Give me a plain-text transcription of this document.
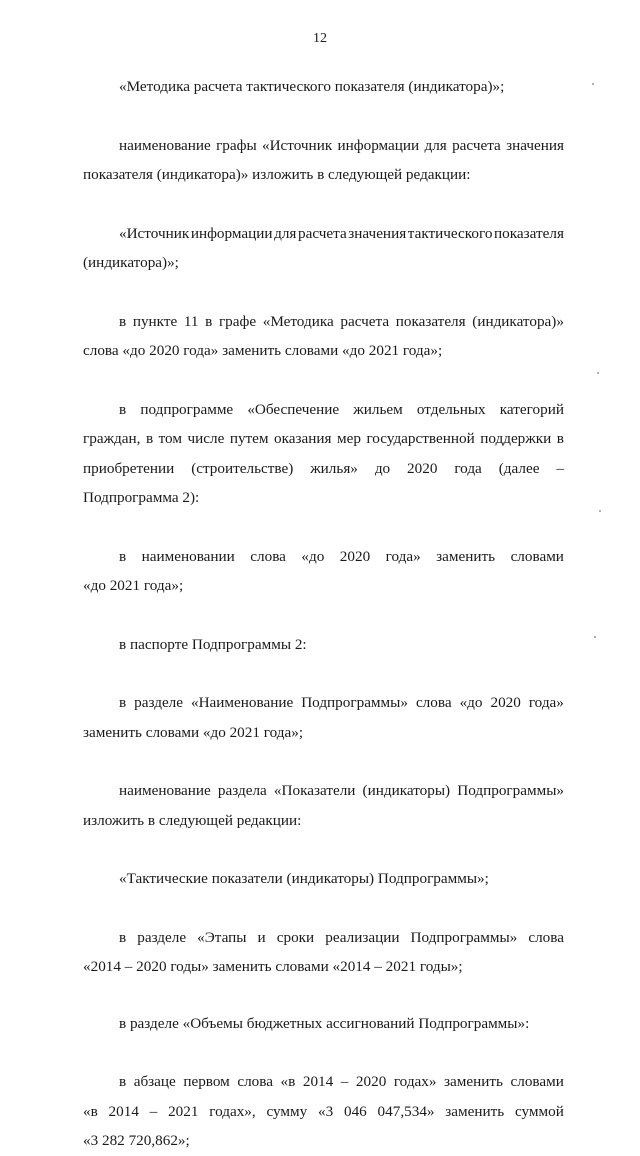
12
«Методика расчета тактического показателя (индикатора)»;
наименование графы «Источник информации для расчета значения
показателя (индикатора)» изложить в следующей редакции:
«Источник информации для расчета значения тактического показателя
(индикатора)»;
в пункте 11 в графе «Методика расчета показателя (индикатора)»
слова «до 2020 года» заменить словами «до 2021 года»;
в подпрограмме «Обеспечение жильем отдельных категорий
граждан, в том числе путем оказания мер государственной поддержки в
приобретении (строительстве) жилья» до 2020 года (далее –
Подпрограмма 2):
в наименовании слова «до 2020 года» заменить словами
«до 2021 года»;
в паспорте Подпрограммы 2:
в разделе «Наименование Подпрограммы» слова «до 2020 года»
заменить словами «до 2021 года»;
наименование раздела «Показатели (индикаторы) Подпрограммы»
изложить в следующей редакции:
«Тактические показатели (индикаторы) Подпрограммы»;
в разделе «Этапы и сроки реализации Подпрограммы» слова
«2014 – 2020 годы» заменить словами «2014 – 2021 годы»;
в разделе «Объемы бюджетных ассигнований Подпрограммы»:
в абзаце первом слова «в 2014 – 2020 годах» заменить словами
«в 2014 – 2021 годах», сумму «3 046 047,534» заменить суммой
«3 282 720,862»;
